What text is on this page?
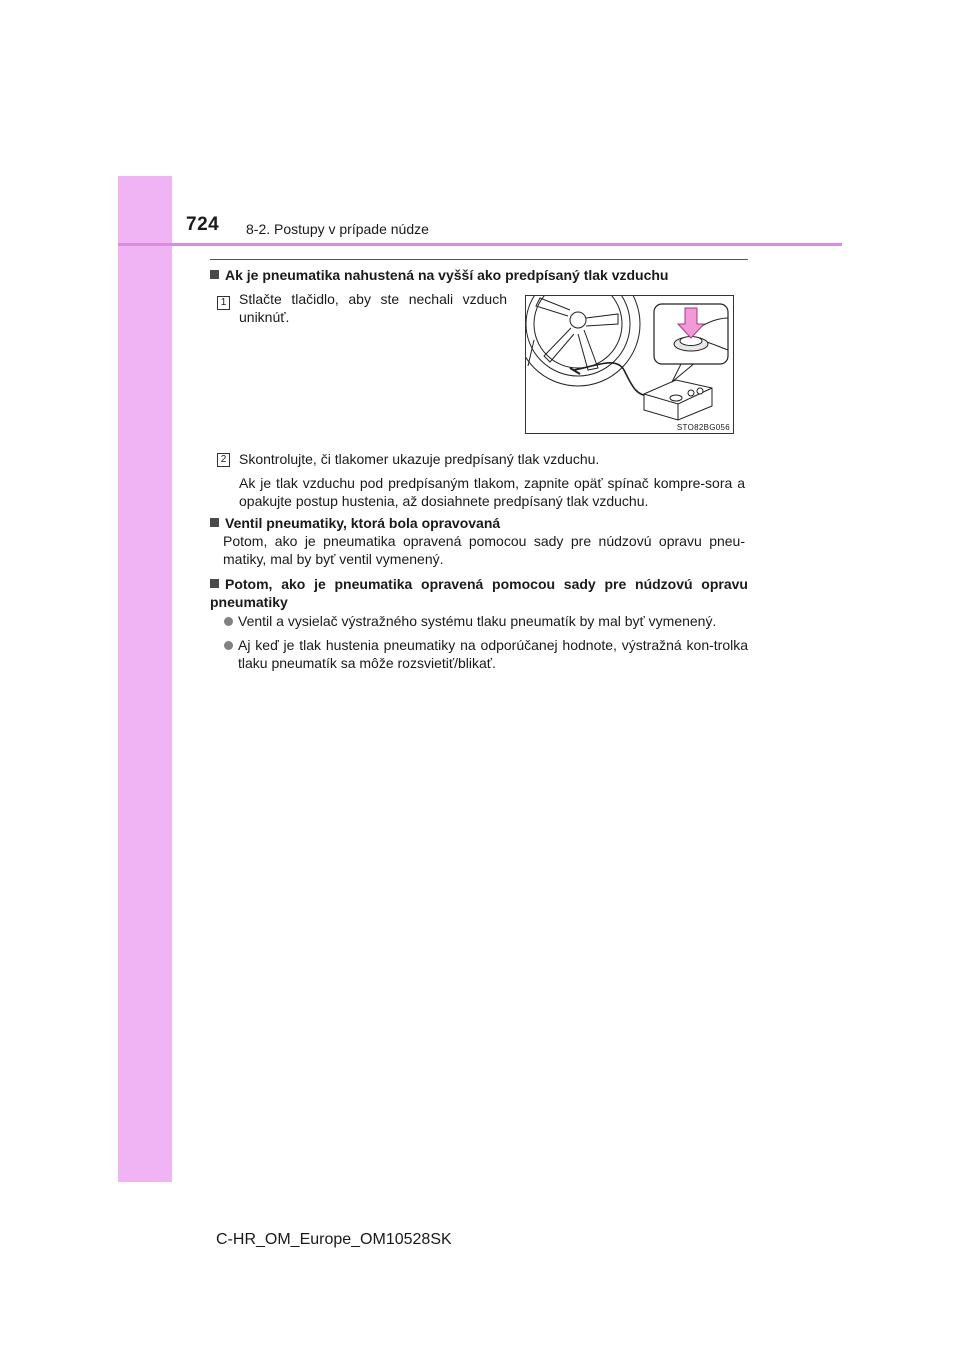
724 8-2. Postupy v prípade núdze
Ak je pneumatika nahustená na vyšší ako predpísaný tlak vzduchu
1 Stlačte tlačidlo, aby ste nechali vzduch uniknúť.
STO82BG056
2 Skontrolujte, či tlakomer ukazuje predpísaný tlak vzduchu.
Ak je tlak vzduchu pod predpísaným tlakom, zapnite opäť spínač kompre-sora a opakujte postup hustenia, až dosiahnete predpísaný tlak vzduchu.
Ventil pneumatiky, ktorá bola opravovaná
Potom, ako je pneumatika opravená pomocou sady pre núdzovú opravu pneu-matiky, mal by byť ventil vymenený.
Potom, ako je pneumatika opravená pomocou sady pre núdzovú opravu pneumatiky
Ventil a vysielač výstražného systému tlaku pneumatík by mal byť vymenený.
Aj keď je tlak hustenia pneumatiky na odporúčanej hodnote, výstražná kon-trolka tlaku pneumatík sa môže rozsvietiť/blikať.
C-HR_OM_Europe_OM10528SK
